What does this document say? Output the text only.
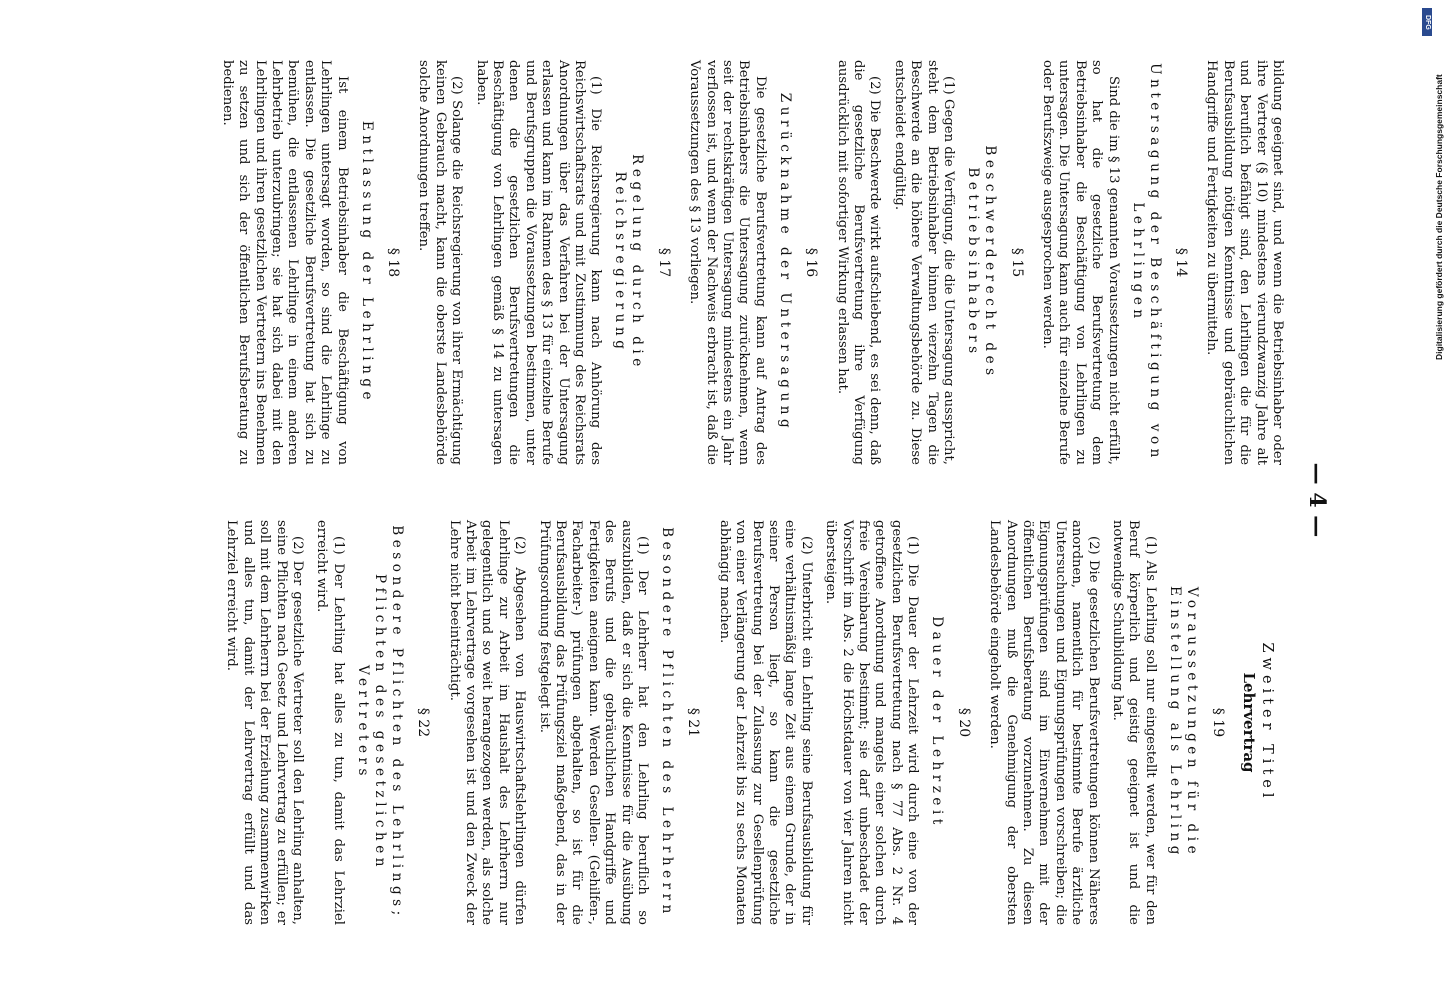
— 4 —

bildung geeignet sind, und wenn die Betriebsinhaber oder ihre Vertreter (§ 10) mindestens vierundzwanzig Jahre alt und beruflich befähigt sind, den Lehrlingen die für die Berufsausbildung nötigen Kenntnisse und gebräuchlichen Handgriffe und Fertigkeiten zu übermitteln.

§ 14
Untersagung der Beschäftigung von Lehrlingen

Sind die im § 13 genannten Voraussetzungen nicht erfüllt, so hat die gesetzliche Berufsvertretung dem Betriebsinhaber die Beschäftigung von Lehrlingen zu untersagen. Die Untersagung kann auch für einzelne Berufe oder Berufszweige ausgesprochen werden.

§ 15
Beschwerderecht des Betriebsinhabers

(1) Gegen die Verfügung, die die Untersagung ausspricht, steht dem Betriebsinhaber binnen vierzehn Tagen die Beschwerde an die höhere Verwaltungsbehörde zu. Diese entscheidet endgültig.

(2) Die Beschwerde wirkt aufschiebend, es sei denn, daß die gesetzliche Berufsvertretung ihre Verfügung ausdrücklich mit sofortiger Wirkung erlassen hat.

§ 16
Zurücknahme der Untersagung

Die gesetzliche Berufsvertretung kann auf Antrag des Betriebsinhabers die Untersagung zurücknehmen, wenn seit der rechtskräftigen Untersagung mindestens ein Jahr verflossen ist, und wenn der Nachweis erbracht ist, daß die Voraussetzungen des § 13 vorliegen.

§ 17
Regelung durch die Reichsregierung

(1) Die Reichsregierung kann nach Anhörung des Reichswirtschaftsrats und mit Zustimmung des Reichsrats Anordnungen über das Verfahren bei der Untersagung erlassen und kann im Rahmen des § 13 für einzelne Berufe und Berufsgruppen die Voraussetzungen bestimmen, unter denen die gesetzlichen Berufsvertretungen die Beschäftigung von Lehrlingen gemäß § 14 zu untersagen haben.

(2) Solange die Reichsregierung von ihrer Ermächtigung keinen Gebrauch macht, kann die oberste Landesbehörde solche Anordnungen treffen.

§ 18
Entlassung der Lehrlinge

Ist einem Betriebsinhaber die Beschäftigung von Lehrlingen untersagt worden, so sind die Lehrlinge zu entlassen. Die gesetzliche Berufsvertretung hat sich zu bemühen, die entlassenen Lehrlinge in einem anderen Lehrbetrieb unterzubringen; sie hat sich dabei mit den Lehrlingen und ihren gesetzlichen Vertretern ins Benehmen zu setzen und sich der öffentlichen Berufsberatung zu bedienen.

Zweiter Titel
Lehrvertrag
§ 19
Voraussetzungen für die Einstellung als Lehrling

(1) Als Lehrling soll nur eingestellt werden, wer für den Beruf körperlich und geistig geeignet ist und die notwendige Schulbildung hat.

(2) Die gesetzlichen Berufsvertretungen können Näheres anordnen, namentlich für bestimmte Berufe ärztliche Untersuchungen und Eignungsprüfungen vorschreiben; die Eignungsprüfungen sind im Einvernehmen mit der öffentlichen Berufsberatung vorzunehmen. Zu diesen Anordnungen muß die Genehmigung der obersten Landesbehörde eingeholt werden.

§ 20
Dauer der Lehrzeit

(1) Die Dauer der Lehrzeit wird durch eine von der gesetzlichen Berufsvertretung nach § 77 Abs. 2 Nr. 4 getroffene Anordnung und mangels einer solchen durch freie Vereinbarung bestimmt; sie darf unbeschadet der Vorschrift im Abs. 2 die Höchstdauer von vier Jahren nicht übersteigen.

(2) Unterbricht ein Lehrling seine Berufsausbildung für eine verhältnismäßig lange Zeit aus einem Grunde, der in seiner Person liegt, so kann die gesetzliche Berufsvertretung bei der Zulassung zur Gesellenprüfung von einer Verlängerung der Lehrzeit bis zu sechs Monaten abhängig machen.

§ 21
Besondere Pflichten des Lehrherrn

(1) Der Lehrherr hat den Lehrling beruflich so auszubilden, daß er sich die Kenntnisse für die Ausübung des Berufs und die gebräuchlichen Handgriffe und Fertigkeiten aneignen kann. Werden Gesellen- (Gehilfen-, Facharbeiter-) prüfungen abgehalten, so ist für die Berufsausbildung das Prüfungsziel maßgebend, das in der Prüfungsordnung festgelegt ist.

(2) Abgesehen von Hauswirtschaftslehrlingen dürfen Lehrlinge zur Arbeit im Haushalt des Lehrherrn nur gelegentlich und so weit herangezogen werden, als solche Arbeit im Lehrvertrage vorgesehen ist und den Zweck der Lehre nicht beeinträchtigt.

§ 22
Besondere Pflichten des Lehrlings; Pflichten des gesetzlichen Vertreters

(1) Der Lehrling hat alles zu tun, damit das Lehrziel erreicht wird.

(2) Der gesetzliche Vertreter soll den Lehrling anhalten, seine Pflichten nach Gesetz und Lehrvertrag zu erfüllen; er soll mit dem Lehrherrn bei der Erziehung zusammenwirken und alles tun, damit der Lehrvertrag erfüllt und das Lehrziel erreicht wird.

DFG
Digitalisierung gefördert durch die Deutsche Forschungsgemeinschaft
